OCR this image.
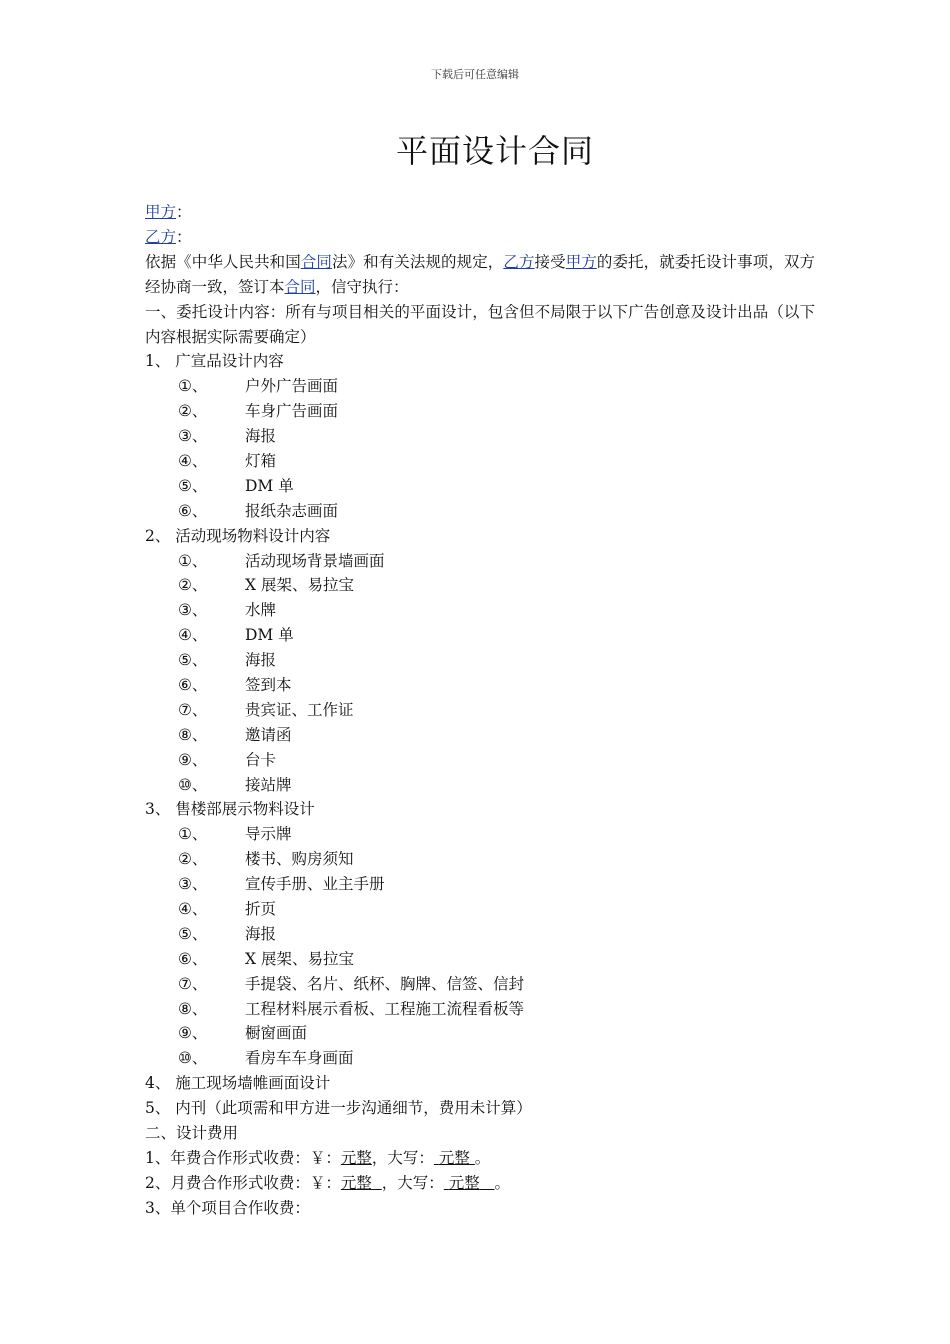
下载后可任意编辑
平面设计合同
甲方：
乙方：
依据《中华人民共和国合同法》和有关法规的规定，乙方接受甲方的委托，就委托设计事项，双方经协商一致，签订本合同，信守执行：
一、委托设计内容：所有与项目相关的平面设计，包含但不局限于以下广告创意及设计出品（以下内容根据实际需要确定）
1、 广宣品设计内容
①、	户外广告画面
②、	车身广告画面
③、	海报
④、	灯箱
⑤、	DM 单
⑥、	报纸杂志画面
2、 活动现场物料设计内容
①、	活动现场背景墙画面
②、	X 展架、易拉宝
③、	水牌
④、	DM 单
⑤、	海报
⑥、	签到本
⑦、	贵宾证、工作证
⑧、	邀请函
⑨、	台卡
⑩、	接站牌
3、 售楼部展示物料设计
①、	导示牌
②、	楼书、购房须知
③、	宣传手册、业主手册
④、	折页
⑤、	海报
⑥、	X 展架、易拉宝
⑦、	手提袋、名片、纸杯、胸牌、信签、信封
⑧、	工程材料展示看板、工程施工流程看板等
⑨、	橱窗画面
⑩、	看房车车身画面
4、 施工现场墙帷画面设计
5、 内刊（此项需和甲方进一步沟通细节，费用未计算）
二、设计费用
1、年费合作形式收费：￥：元整，大写： 元整 。
2、月费合作形式收费：￥：元整 ，大写： 元整 。
3、单个项目合作收费：
